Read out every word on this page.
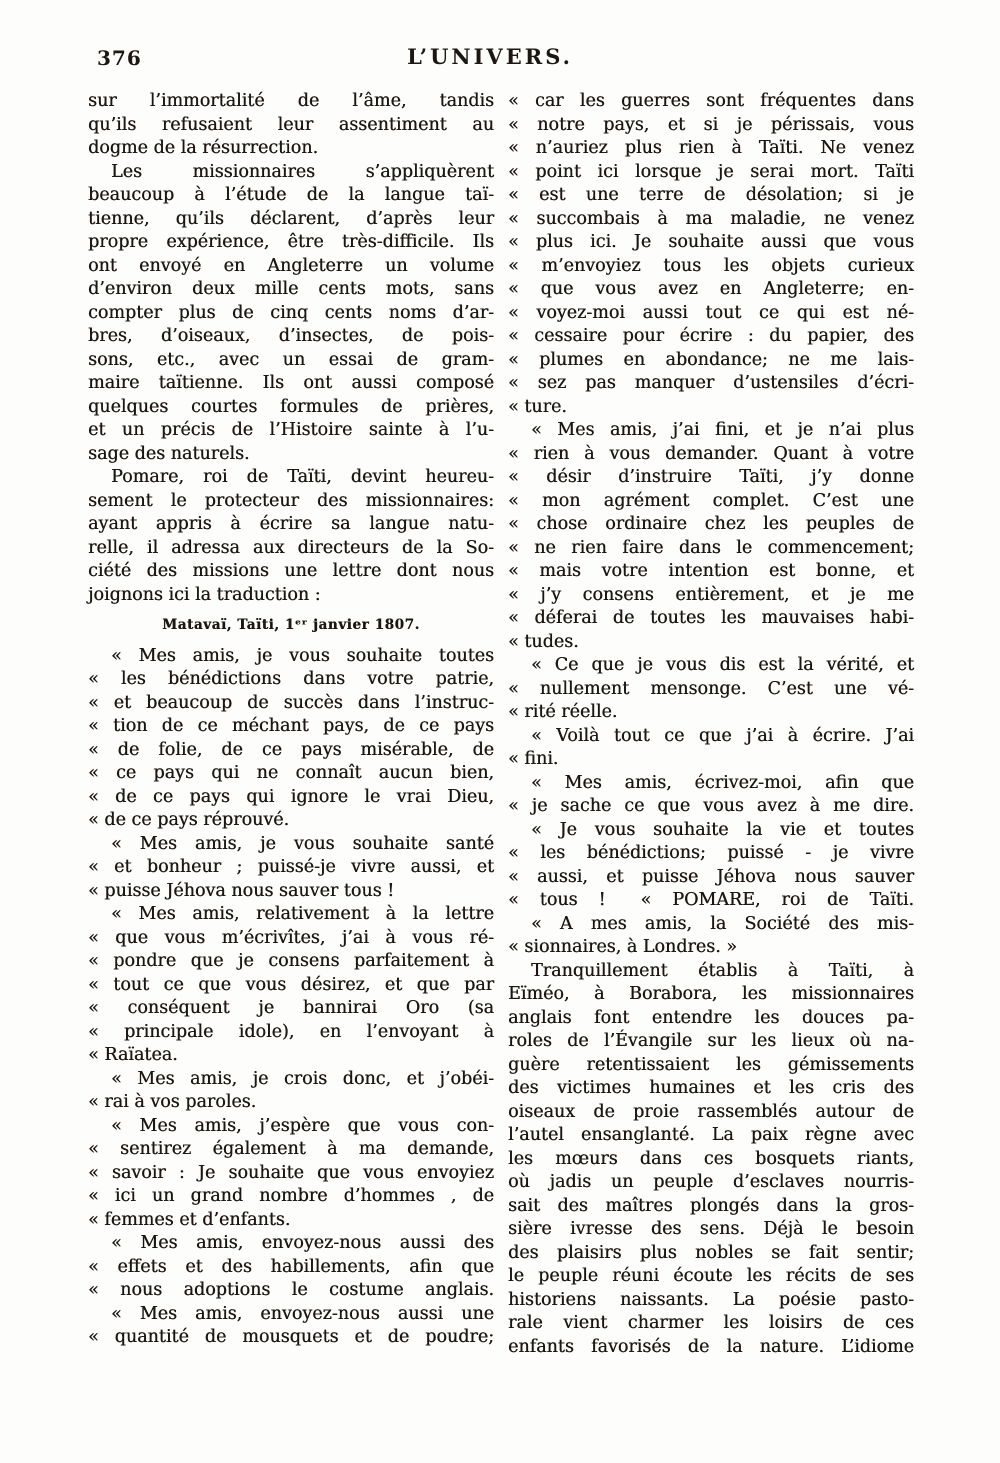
376	L’UNIVERS.
sur l’immortalité de l’âme, tandis
qu’ils refusaient leur assentiment au
dogme de la résurrection.
Les missionnaires s’appliquèrent
beaucoup à l’étude de la langue taï-
tienne, qu’ils déclarent, d’après leur
propre expérience, être très-difficile. Ils
ont envoyé en Angleterre un volume
d’environ deux mille cents mots, sans
compter plus de cinq cents noms d’ar-
bres, d’oiseaux, d’insectes, de pois-
sons, etc., avec un essai de gram-
maire taïtienne. Ils ont aussi composé
quelques courtes formules de prières,
et un précis de l’Histoire sainte à l’u-
sage des naturels.
Pomare, roi de Taïti, devint heureu-
sement le protecteur des missionnaires:
ayant appris à écrire sa langue natu-
relle, il adressa aux directeurs de la So-
ciété des missions une lettre dont nous
joignons ici la traduction :
Matavaï, Taïti, 1ᵉʳ janvier 1807.
« Mes amis, je vous souhaite toutes
« les bénédictions dans votre patrie,
« et beaucoup de succès dans l’instruc-
« tion de ce méchant pays, de ce pays
« de folie, de ce pays misérable, de
« ce pays qui ne connaît aucun bien,
« de ce pays qui ignore le vrai Dieu,
« de ce pays réprouvé.
« Mes amis, je vous souhaite santé
« et bonheur ; puissé-je vivre aussi, et
« puisse Jéhova nous sauver tous !
« Mes amis, relativement à la lettre
« que vous m’écrivîtes, j’ai à vous ré-
« pondre que je consens parfaitement à
« tout ce que vous désirez, et que par
« conséquent je bannirai Oro (sa
« principale idole), en l’envoyant à
« Raïatea.
« Mes amis, je crois donc, et j’obéi-
« rai à vos paroles.
« Mes amis, j’espère que vous con-
« sentirez également à ma demande,
« savoir : Je souhaite que vous envoyiez
« ici un grand nombre d’hommes , de
« femmes et d’enfants.
« Mes amis, envoyez-nous aussi des
« effets et des habillements, afin que
« nous adoptions le costume anglais.
« Mes amis, envoyez-nous aussi une
« quantité de mousquets et de poudre;
« car les guerres sont fréquentes dans
« notre pays, et si je périssais, vous
« n’auriez plus rien à Taïti. Ne venez
« point ici lorsque je serai mort. Taïti
« est une terre de désolation; si je
« succombais à ma maladie, ne venez
« plus ici. Je souhaite aussi que vous
« m’envoyiez tous les objets curieux
« que vous avez en Angleterre; en-
« voyez-moi aussi tout ce qui est né-
« cessaire pour écrire : du papier, des
« plumes en abondance; ne me lais-
« sez pas manquer d’ustensiles d’écri-
« ture.
« Mes amis, j’ai fini, et je n’ai plus
« rien à vous demander. Quant à votre
« désir d’instruire Taïti, j’y donne
« mon agrément complet. C’est une
« chose ordinaire chez les peuples de
« ne rien faire dans le commencement;
« mais votre intention est bonne, et
« j’y consens entièrement, et je me
« déferai de toutes les mauvaises habi-
« tudes.
« Ce que je vous dis est la vérité, et
« nullement mensonge. C’est une vé-
« rité réelle.
« Voilà tout ce que j’ai à écrire. J’ai
« fini.
« Mes amis, écrivez-moi, afin que
« je sache ce que vous avez à me dire.
« Je vous souhaite la vie et toutes
« les bénédictions; puissé - je vivre
« aussi, et puisse Jéhova nous sauver
« tous !  « POMARE, roi de Taïti.
« A mes amis, la Société des mis-
« sionnaires, à Londres. »
Tranquillement établis à Taïti, à
Eïméo, à Borabora, les missionnaires
anglais font entendre les douces pa-
roles de l’Évangile sur les lieux où na-
guère retentissaient les gémissements
des victimes humaines et les cris des
oiseaux de proie rassemblés autour de
l’autel ensanglanté. La paix règne avec
les mœurs dans ces bosquets riants,
où jadis un peuple d’esclaves nourris-
sait des maîtres plongés dans la gros-
sière ivresse des sens. Déjà le besoin
des plaisirs plus nobles se fait sentir;
le peuple réuni écoute les récits de ses
historiens naissants. La poésie pasto-
rale vient charmer les loisirs de ces
enfants favorisés de la nature. L’idiome
